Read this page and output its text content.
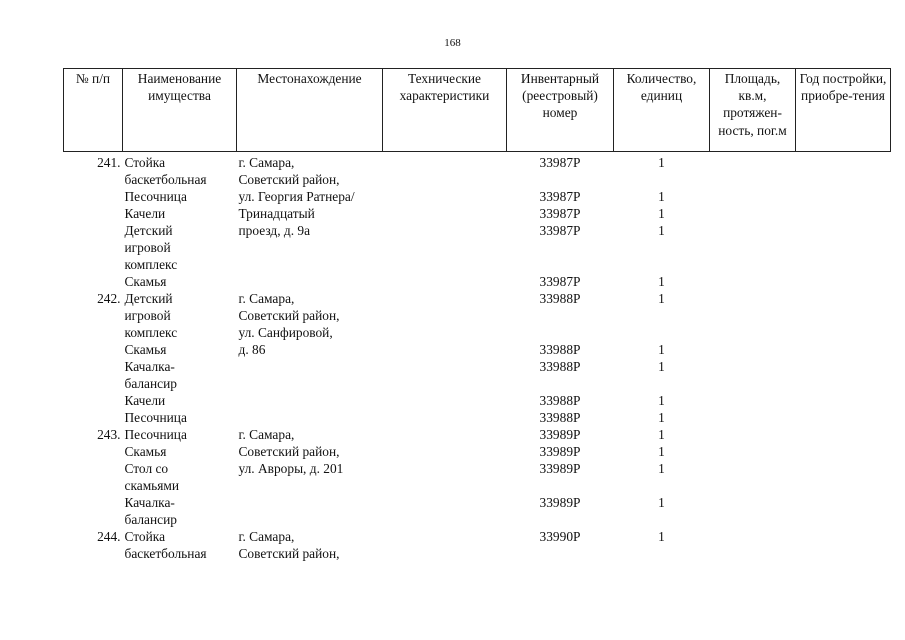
168
№ п/п	Наименование имущества	Местонахождение	Технические характеристики	Инвентарный (реестровый) номер	Количество, единиц	Площадь, кв.м, протяжен-ность, пог.м	Год постройки, приобре-тения
241.	Стойка	г. Самара,		33987Р	1		
	баскетбольная	Советский район,					
	Песочница	ул. Георгия Ратнера/		33987Р	1		
	Качели	Тринадцатый		33987Р	1		
	Детский	проезд, д. 9а		33987Р	1		
	игровой						
	комплекс						
	Скамья			33987Р	1		
242.	Детский	г. Самара,		33988Р	1		
	игровой	Советский район,					
	комплекс	ул. Санфировой,					
	Скамья	д. 86		33988Р	1		
	Качалка-			33988Р	1		
	балансир						
	Качели			33988Р	1		
	Песочница			33988Р	1		
243.	Песочница	г. Самара,		33989Р	1		
	Скамья	Советский район,		33989Р	1		
	Стол со	ул. Авроры, д. 201		33989Р	1		
	скамьями						
	Качалка-			33989Р	1		
	балансир						
244.	Стойка	г. Самара,		33990Р	1		
	баскетбольная	Советский район,					
